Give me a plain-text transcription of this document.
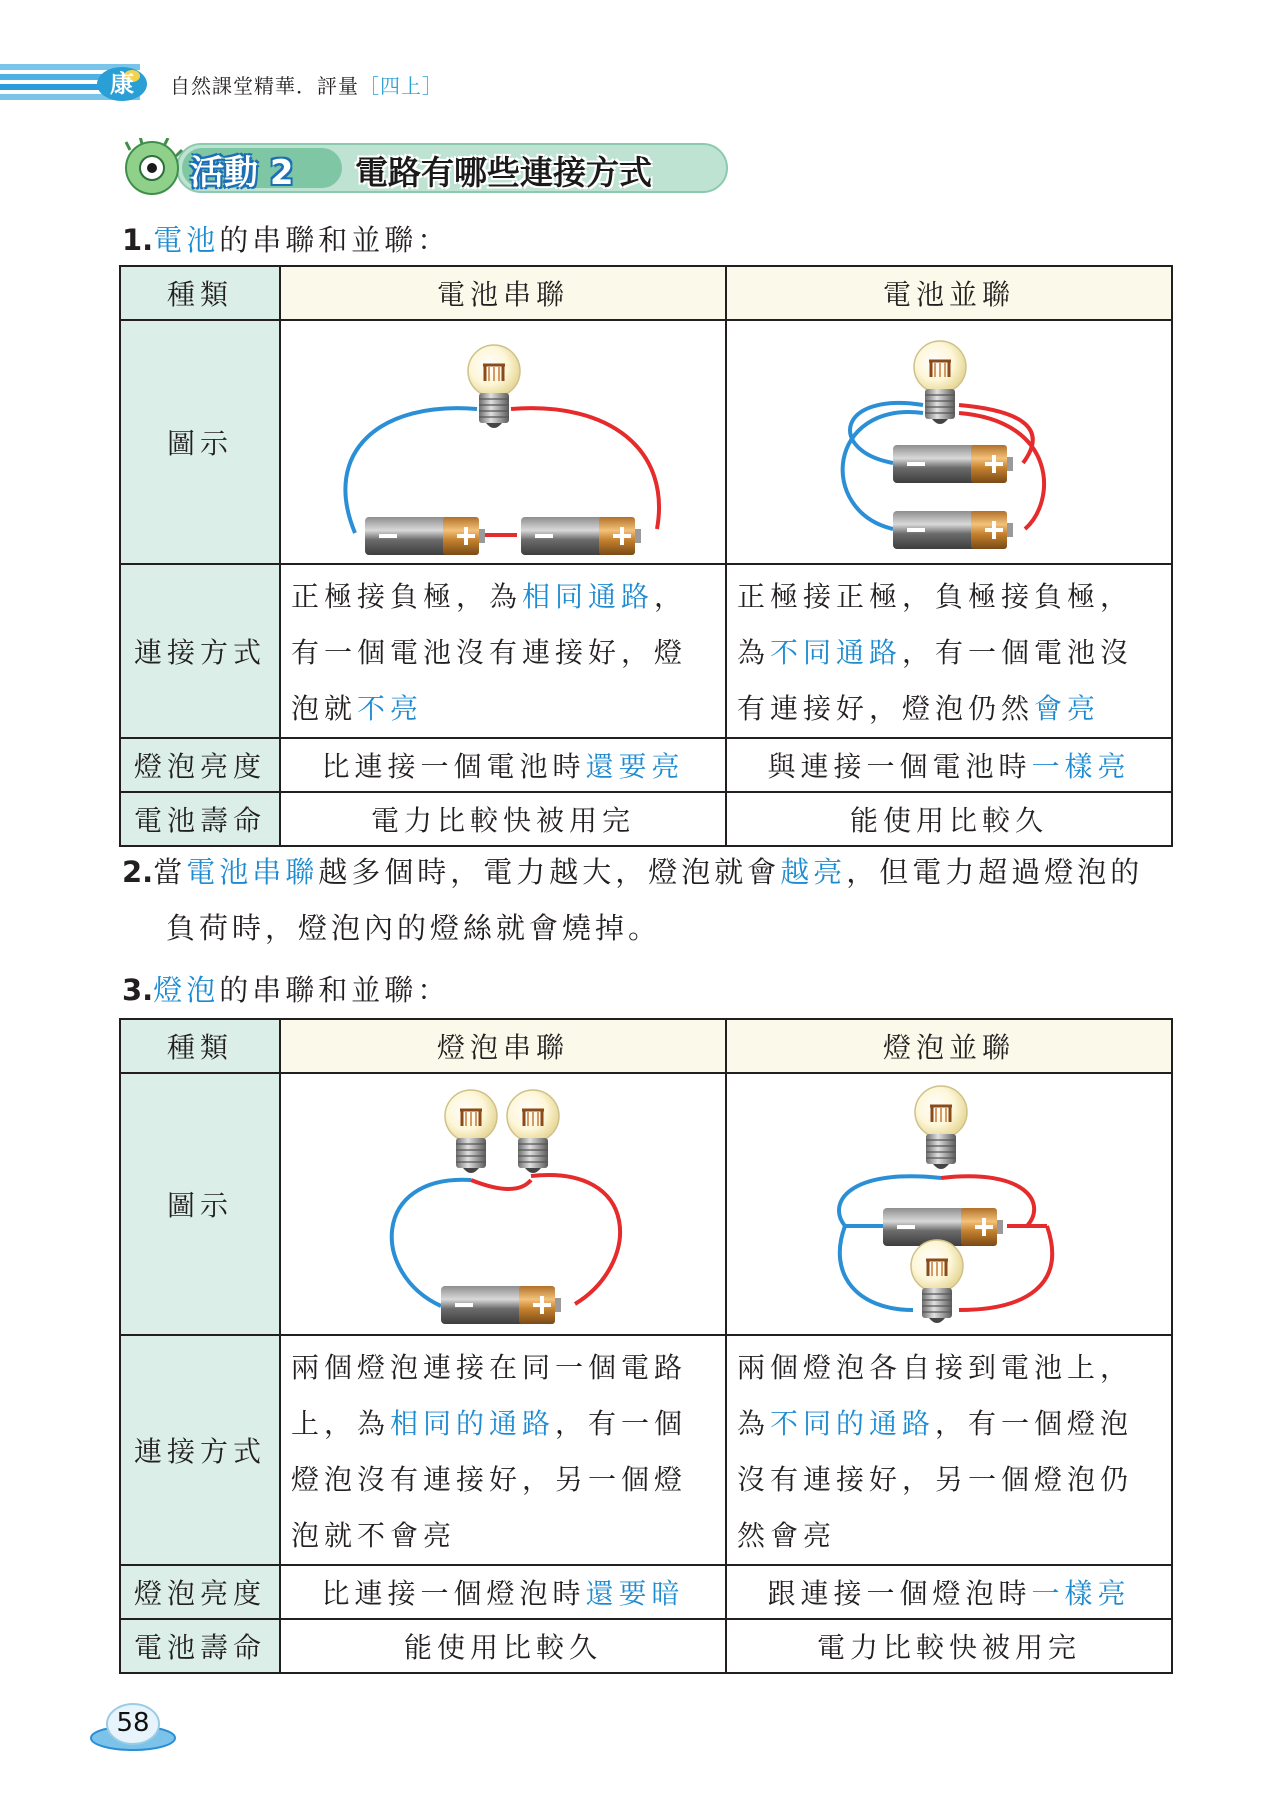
康	自然課堂精華．評量［四上］
活動 2 電路有哪些連接方式
1.電池的串聯和並聯：
種類	電池串聯	電池並聯
圖示	

連接方式	正極接負極，為相同通路，有一個電池沒有連接好，燈泡就不亮	正極接正極，負極接負極，為不同通路，有一個電池沒有連接好，燈泡仍然會亮
燈泡亮度	比連接一個電池時還要亮	與連接一個電池時一樣亮
電池壽命	電力比較快被用完	能使用比較久
2.當電池串聯越多個時，電力越大，燈泡就會越亮，但電力超過燈泡的負荷時，燈泡內的燈絲就會燒掉。
3.燈泡的串聯和並聯：
種類	燈泡串聯	燈泡並聯
圖示	

連接方式	兩個燈泡連接在同一個電路上，為相同的通路，有一個燈泡沒有連接好，另一個燈泡就不會亮	兩個燈泡各自接到電池上，為不同的通路，有一個燈泡沒有連接好，另一個燈泡仍然會亮
燈泡亮度	比連接一個燈泡時還要暗	跟連接一個燈泡時一樣亮
電池壽命	能使用比較久	電力比較快被用完
58
